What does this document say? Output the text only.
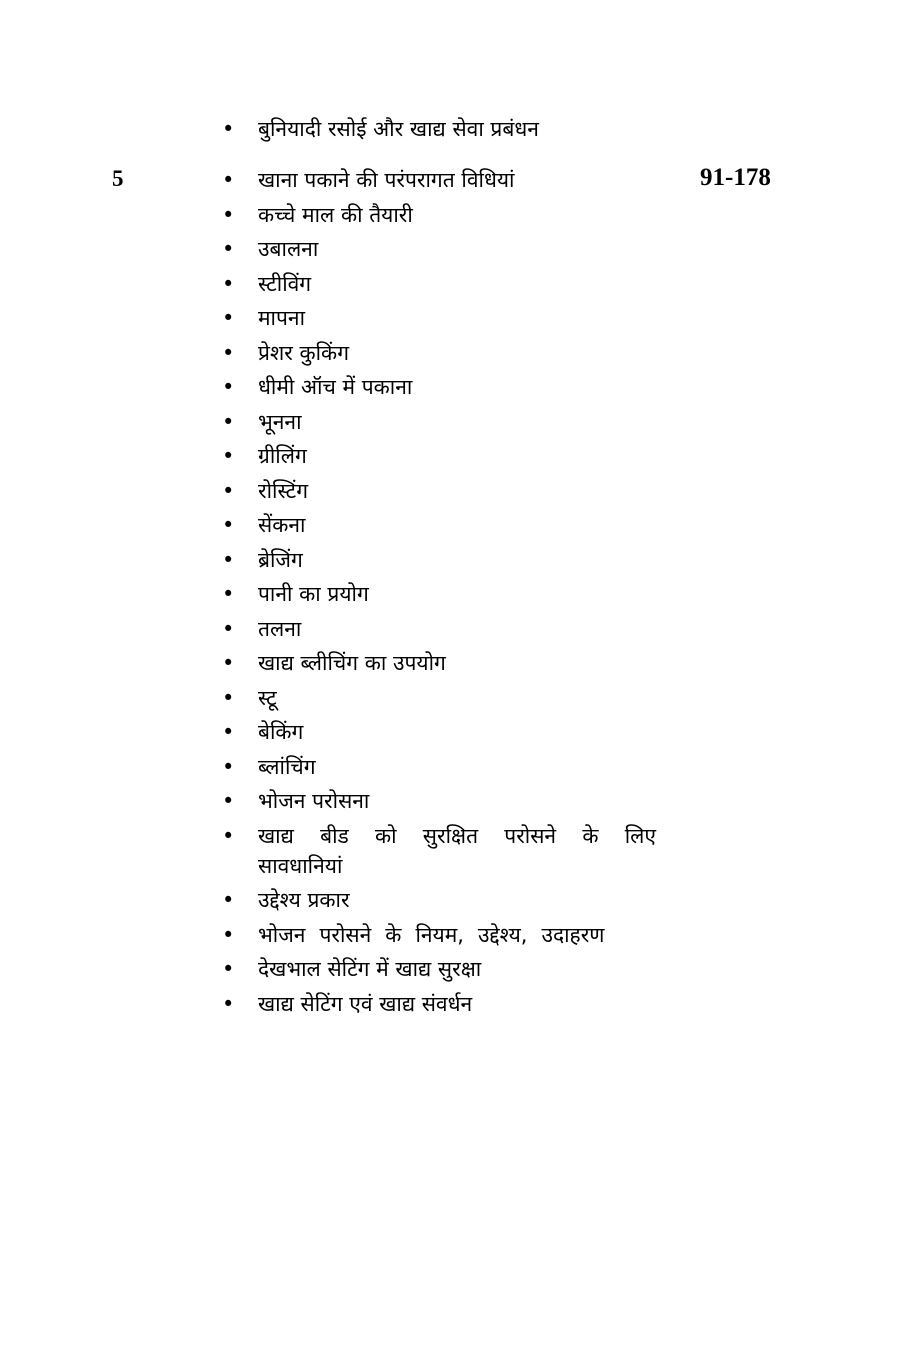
5	91-178
• बुनियादी रसोई और खाद्य सेवा प्रबंधन
• खाना पकाने की परंपरागत विधियां
• कच्चे माल की तैयारी
• उबालना
• स्टीविंग
• मापना
• प्रेशर कुकिंग
• धीमी ऑच में पकाना
• भूनना
• ग्रीलिंग
• रोस्टिंग
• सेंकना
• ब्रेजिंग
• पानी का प्रयोग
• तलना
• खाद्य ब्लीचिंग का उपयोग
• स्टू
• बेकिंग
• ब्लांचिंग
• भोजन परोसना
• खाद्य बीड को सुरक्षित परोसने के लिए सावधानियां
• उद्देश्य प्रकार
• भोजन परोसने के नियम, उद्देश्य, उदाहरण
• देखभाल सेटिंग में खाद्य सुरक्षा
• खाद्य सेटिंग एवं खाद्य संवर्धन
